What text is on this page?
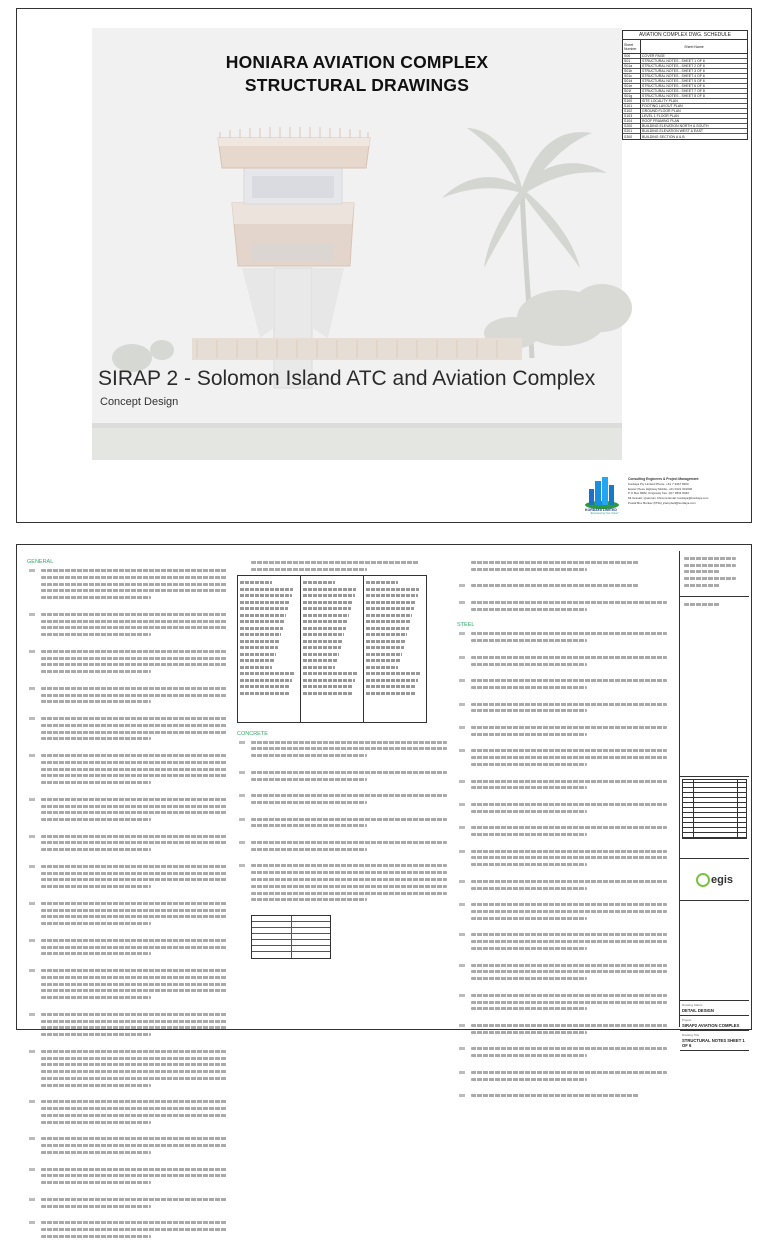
HONIARA AVIATION COMPLEX
STRUCTURAL DRAWINGS
SIRAP 2 - Solomon Island ATC and Aviation Complex
Concept Design
AVIATION COMPLEX DWG. SCHEDULE
Sheet Number	Sheet Name
S00	COVER PAGE
S01	STRUCTURAL NOTES - SHEET 1 OF 6
S01a	STRUCTURAL NOTES - SHEET 2 OF 6
S01b	STRUCTURAL NOTES - SHEET 3 OF 6
S01c	STRUCTURAL NOTES - SHEET 4 OF 6
S01d	STRUCTURAL NOTES - SHEET 5 OF 6
S01e	STRUCTURAL NOTES - SHEET 6 OF 6
S01f	STRUCTURAL NOTES - SHEET 7 OF 8
S01g	STRUCTURAL NOTES - SHEET 8 OF 8
S100	SITE LOCALITY PLAN
S101	FOOTING LAYOUT PLAN
S102	GROUND FLOOR PLAN
S103	LEVEL 1 FLOOR PLAN
S104	ROOF FRAMING PLAN
S200	BUILDING ELEVATION NORTH & SOUTH
S201	BUILDING ELEVATION WEST & EAST
S300	BUILDING SECTION A & B
KORDAYA LIMITED
"Empowering Your Vision"
Consulting Engineers & Project Management
Kordaya Pty Limited Phone: +61 7 3367 8300
Exeter Piece Highway Mobile: +61 0421 001006
P O Box 8282, Kingsway Fax: (0)7 3831 8040
Mt Gravatt, Quantum Chrome Email: kordaya@kordaya.com
Postal Box Bunker (PNG) jcampbell@kordaya.com
GENERAL
CONCRETE
STEEL
egis
Drawing Status
DETAIL DESIGN
Project
SIRAP2 AVIATION COMPLEX
Drawing Title
STRUCTURAL NOTES SHEET 1 OF 6
